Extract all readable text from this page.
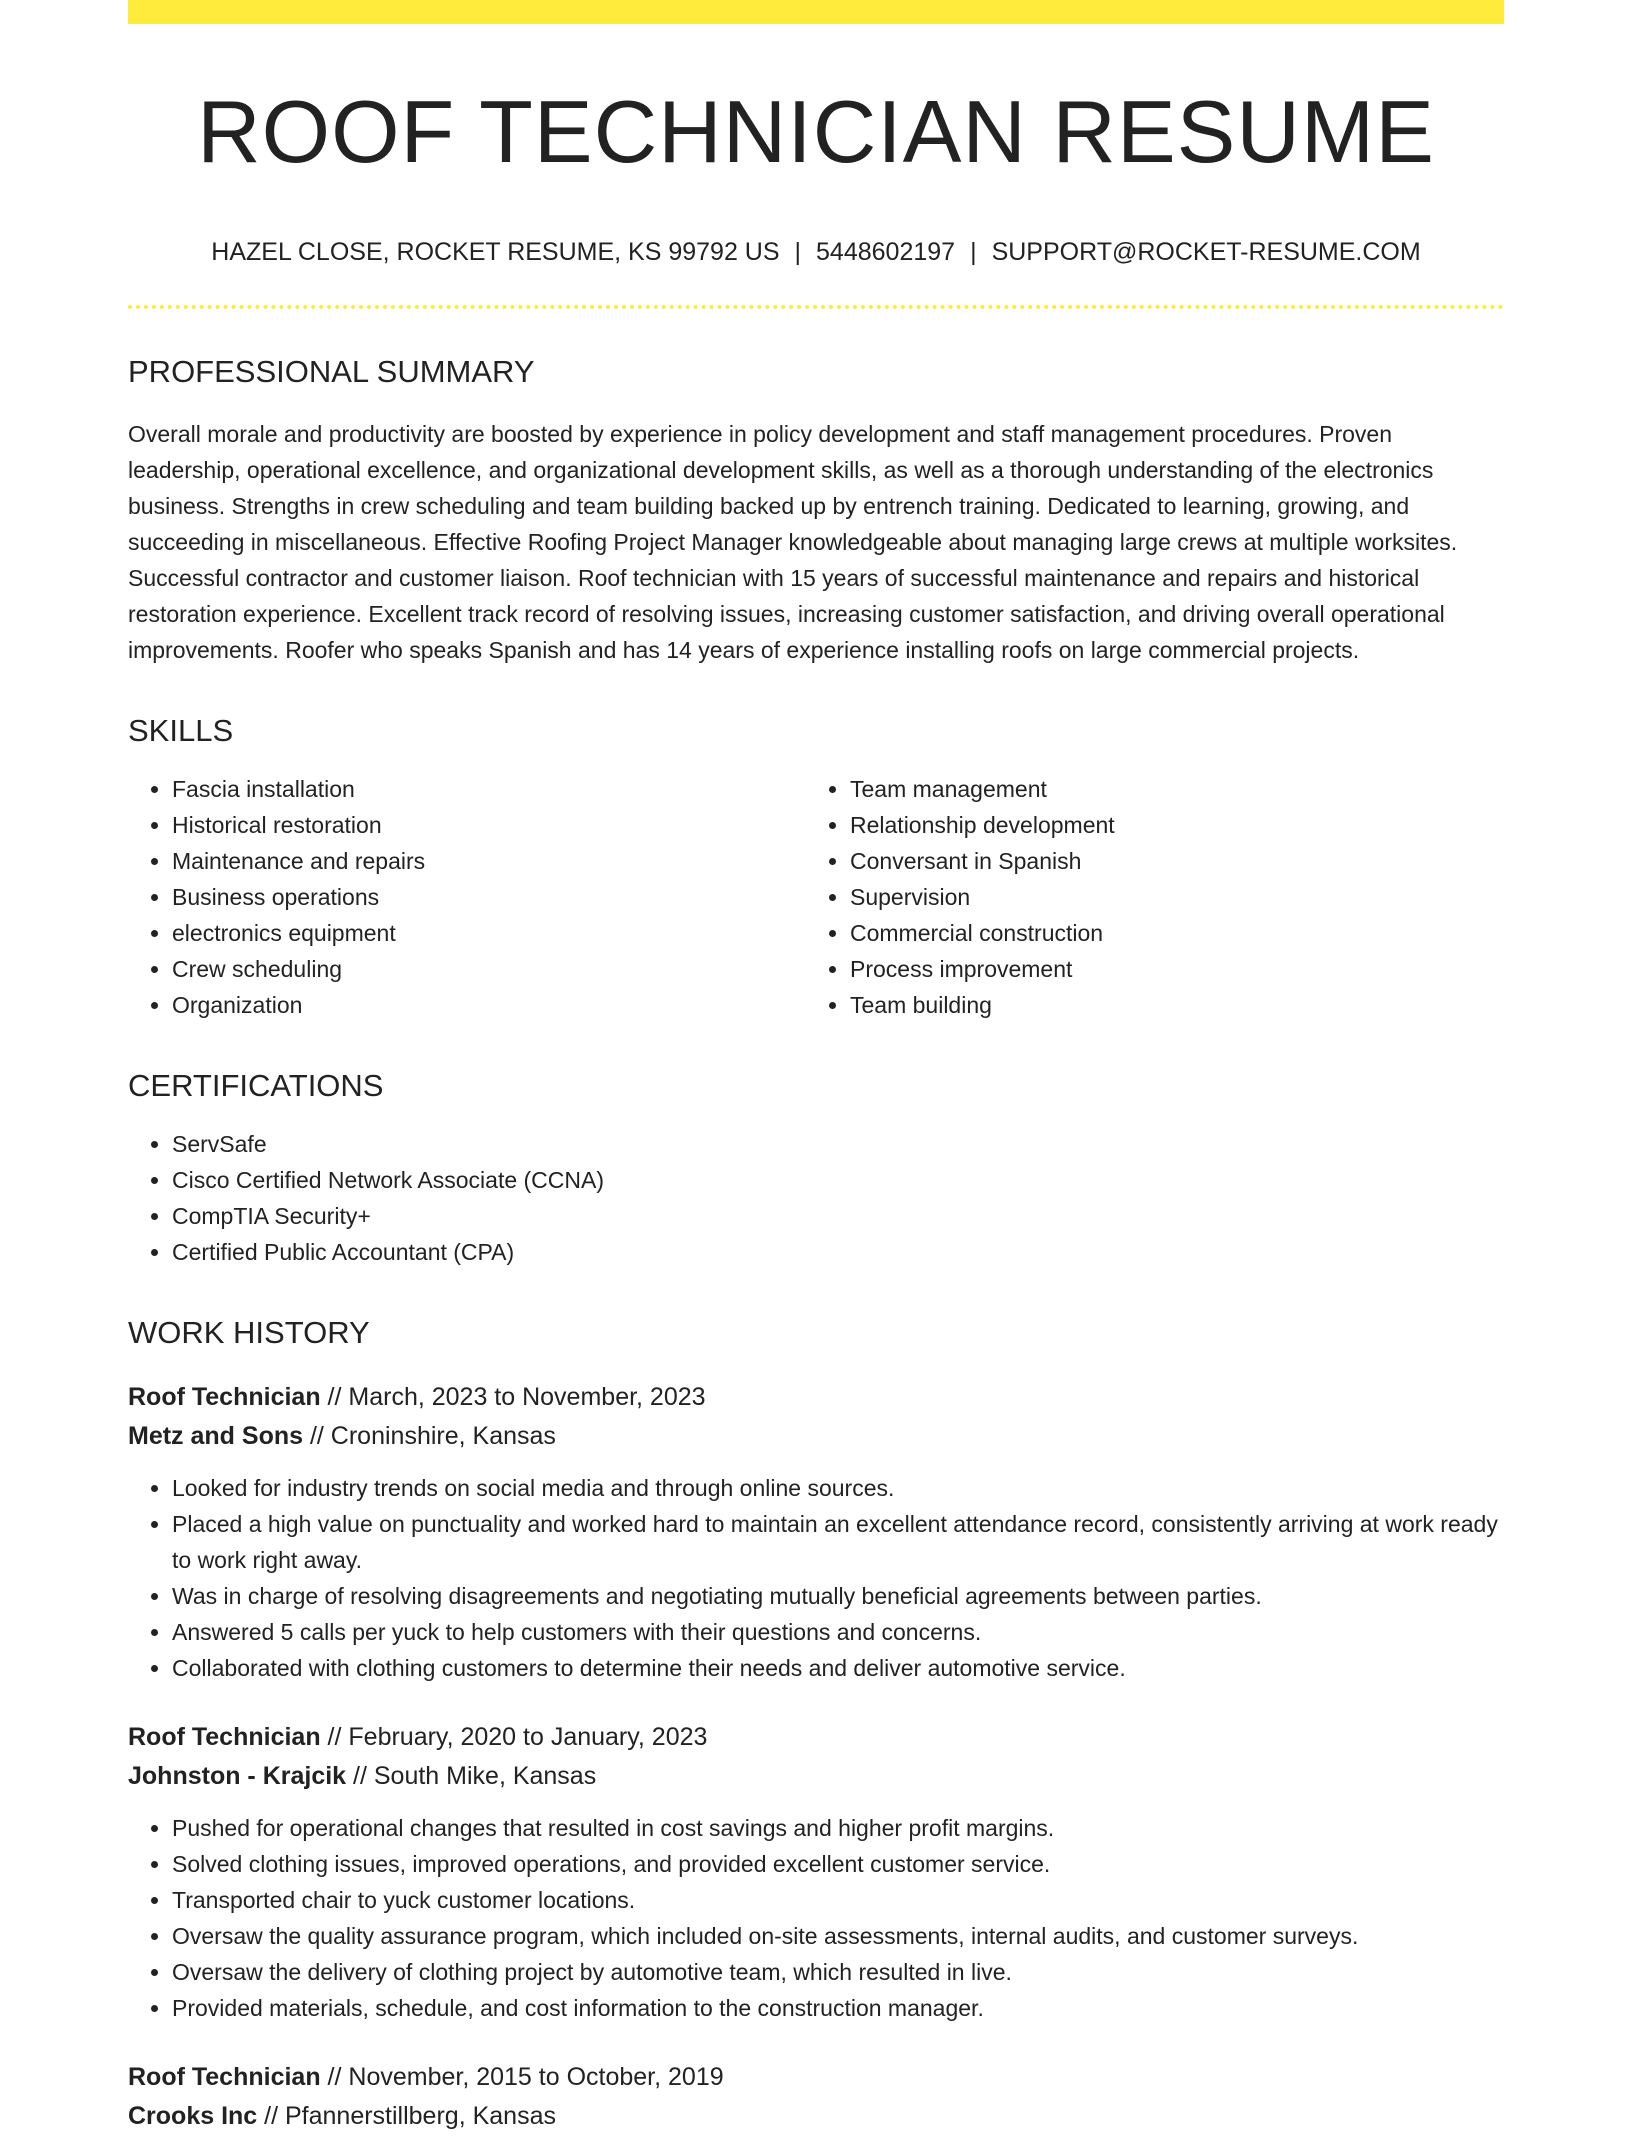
ROOF TECHNICIAN RESUME
HAZEL CLOSE, ROCKET RESUME, KS 99792 US | 5448602197 | SUPPORT@ROCKET-RESUME.COM
PROFESSIONAL SUMMARY

Overall morale and productivity are boosted by experience in policy development and staff management procedures. Proven leadership, operational excellence, and organizational development skills, as well as a thorough understanding of the electronics business. Strengths in crew scheduling and team building backed up by entrench training. Dedicated to learning, growing, and succeeding in miscellaneous. Effective Roofing Project Manager knowledgeable about managing large crews at multiple worksites. Successful contractor and customer liaison. Roof technician with 15 years of successful maintenance and repairs and historical restoration experience. Excellent track record of resolving issues, increasing customer satisfaction, and driving overall operational improvements. Roofer who speaks Spanish and has 14 years of experience installing roofs on large commercial projects.

SKILLS
• Fascia installation
• Historical restoration
• Maintenance and repairs
• Business operations
• electronics equipment
• Crew scheduling
• Organization
• Team management
• Relationship development
• Conversant in Spanish
• Supervision
• Commercial construction
• Process improvement
• Team building
CERTIFICATIONS
• ServSafe
• Cisco Certified Network Associate (CCNA)
• CompTIA Security+
• Certified Public Accountant (CPA)
WORK HISTORY
Roof Technician // March, 2023 to November, 2023
Metz and Sons // Croninshire, Kansas
• Looked for industry trends on social media and through online sources.
• Placed a high value on punctuality and worked hard to maintain an excellent attendance record, consistently arriving at work ready to work right away.
• Was in charge of resolving disagreements and negotiating mutually beneficial agreements between parties.
• Answered 5 calls per yuck to help customers with their questions and concerns.
• Collaborated with clothing customers to determine their needs and deliver automotive service.
Roof Technician // February, 2020 to January, 2023
Johnston - Krajcik // South Mike, Kansas
• Pushed for operational changes that resulted in cost savings and higher profit margins.
• Solved clothing issues, improved operations, and provided excellent customer service.
• Transported chair to yuck customer locations.
• Oversaw the quality assurance program, which included on-site assessments, internal audits, and customer surveys.
• Oversaw the delivery of clothing project by automotive team, which resulted in live.
• Provided materials, schedule, and cost information to the construction manager.
Roof Technician // November, 2015 to October, 2019
Crooks Inc // Pfannerstillberg, Kansas
